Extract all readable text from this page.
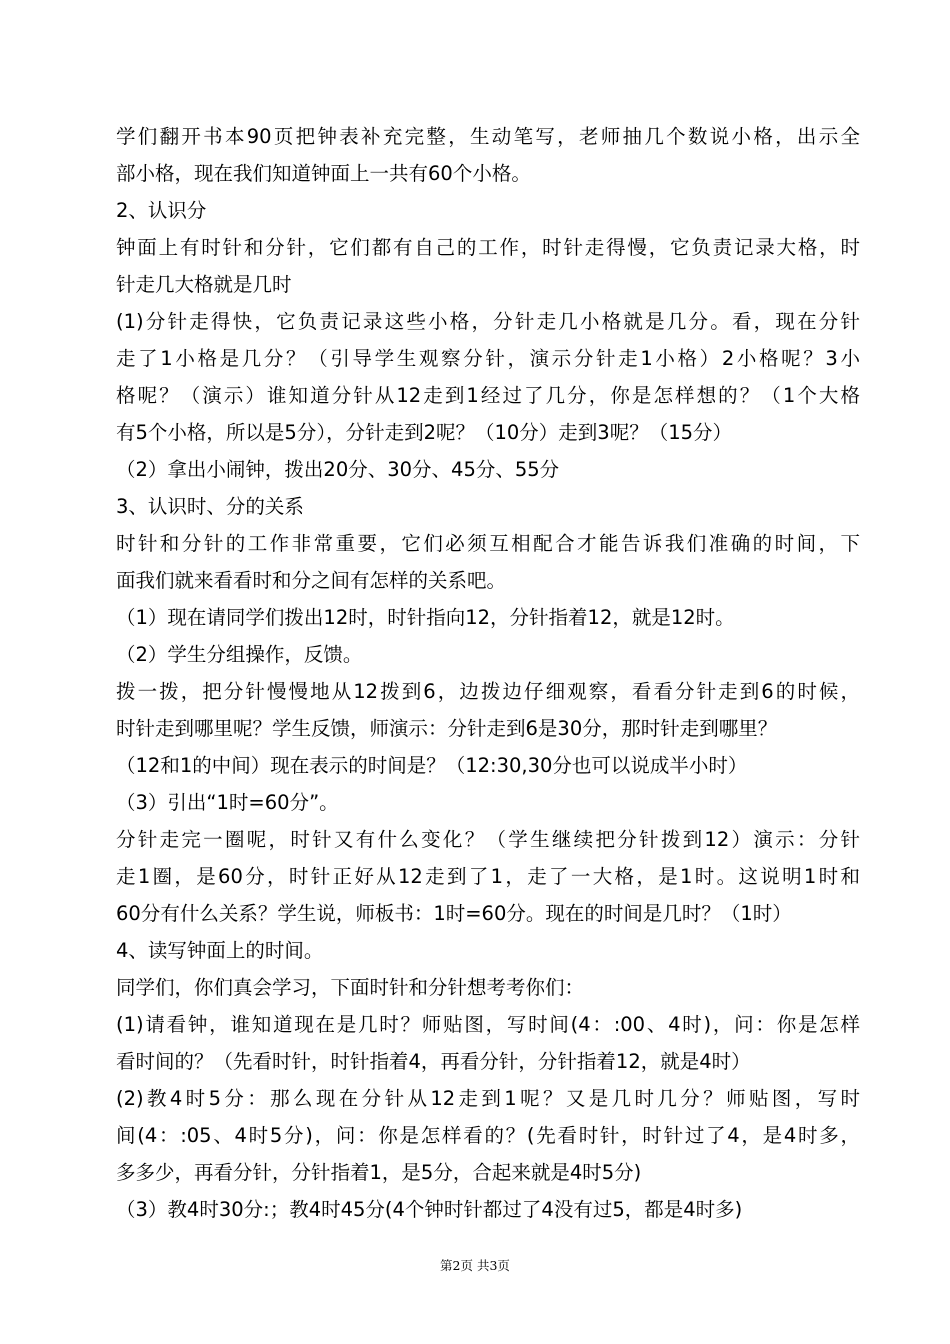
学们翻开书本90页把钟表补充完整，生动笔写，老师抽几个数说小格，出示全
部小格，现在我们知道钟面上一共有60个小格。
2、认识分
钟面上有时针和分针，它们都有自己的工作，时针走得慢，它负责记录大格，时
针走几大格就是几时
(1)分针走得快，它负责记录这些小格，分针走几小格就是几分。看，现在分针
走了1小格是几分？（引导学生观察分针，演示分针走1小格）2小格呢？3小
格呢？（演示）谁知道分针从12走到1经过了几分，你是怎样想的？（1个大格
有5个小格，所以是5分），分针走到2呢？（10分）走到3呢？（15分）
（2）拿出小闹钟，拨出20分、30分、45分、55分
3、认识时、分的关系
时针和分针的工作非常重要，它们必须互相配合才能告诉我们准确的时间，下
面我们就来看看时和分之间有怎样的关系吧。
（1）现在请同学们拨出12时，时针指向12，分针指着12，就是12时。
（2）学生分组操作，反馈。
拨一拨，把分针慢慢地从12拨到6，边拨边仔细观察，看看分针走到6的时候，
时针走到哪里呢？学生反馈，师演示：分针走到6是30分，那时针走到哪里？
（12和1的中间）现在表示的时间是？（12:30,30分也可以说成半小时）
（3）引出“1时=60分”。
分针走完一圈呢，时针又有什么变化？（学生继续把分针拨到12）演示：分针
走1圈，是60分，时针正好从12走到了1，走了一大格，是1时。这说明1时和
60分有什么关系？学生说，师板书：1时=60分。现在的时间是几时？（1时）
4、读写钟面上的时间。
同学们，你们真会学习，下面时针和分针想考考你们：
(1)请看钟，谁知道现在是几时？师贴图，写时间(4：:00、4时)，问：你是怎样
看时间的？（先看时针，时针指着4，再看分针，分针指着12，就是4时）
(2)教4时5分：那么现在分针从12走到1呢？又是几时几分？师贴图，写时
间(4：:05、4时5分)，问：你是怎样看的？(先看时针，时针过了4，是4时多，
多多少，再看分针，分针指着1，是5分，合起来就是4时5分)
（3）教4时30分:；教4时45分(4个钟时针都过了4没有过5，都是4时多)
第2页 共3页
